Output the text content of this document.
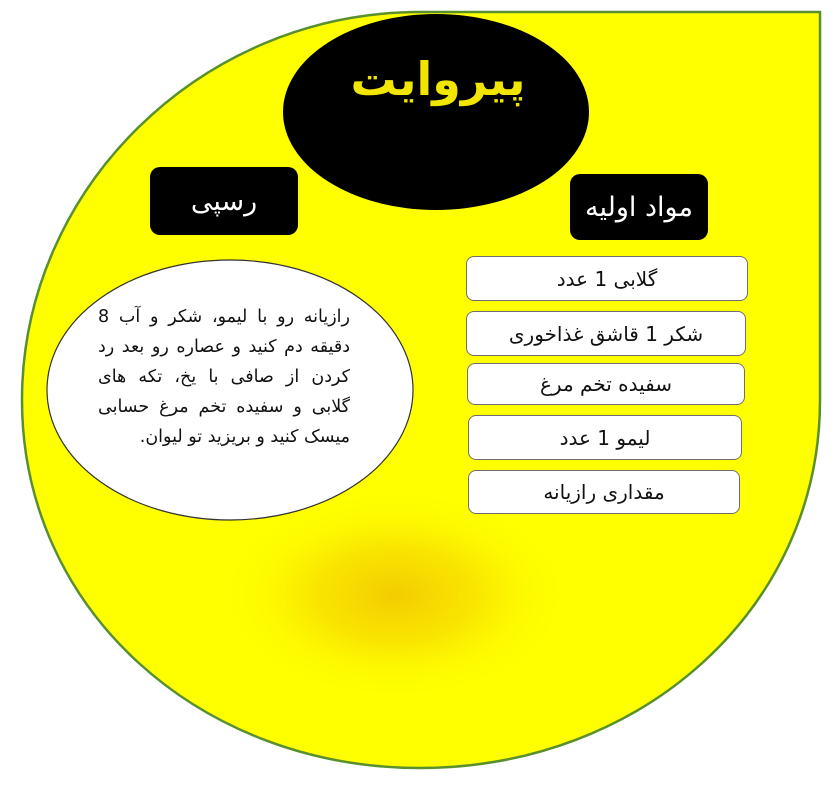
پیروایت
رسپی	مواد اولیه
رازیانه رو با لیمو، شکر و آب 8 دقیقه دم کنید و عصاره رو بعد رد کردن از صافی با یخ، تکه های گلابی و سفیده تخم مرغ حسابی میسک کنید و بریزید تو لیوان.
گلابی 1 عدد
شکر 1 قاشق غذاخوری
سفیده تخم مرغ
لیمو 1 عدد
مقداری رازیانه
